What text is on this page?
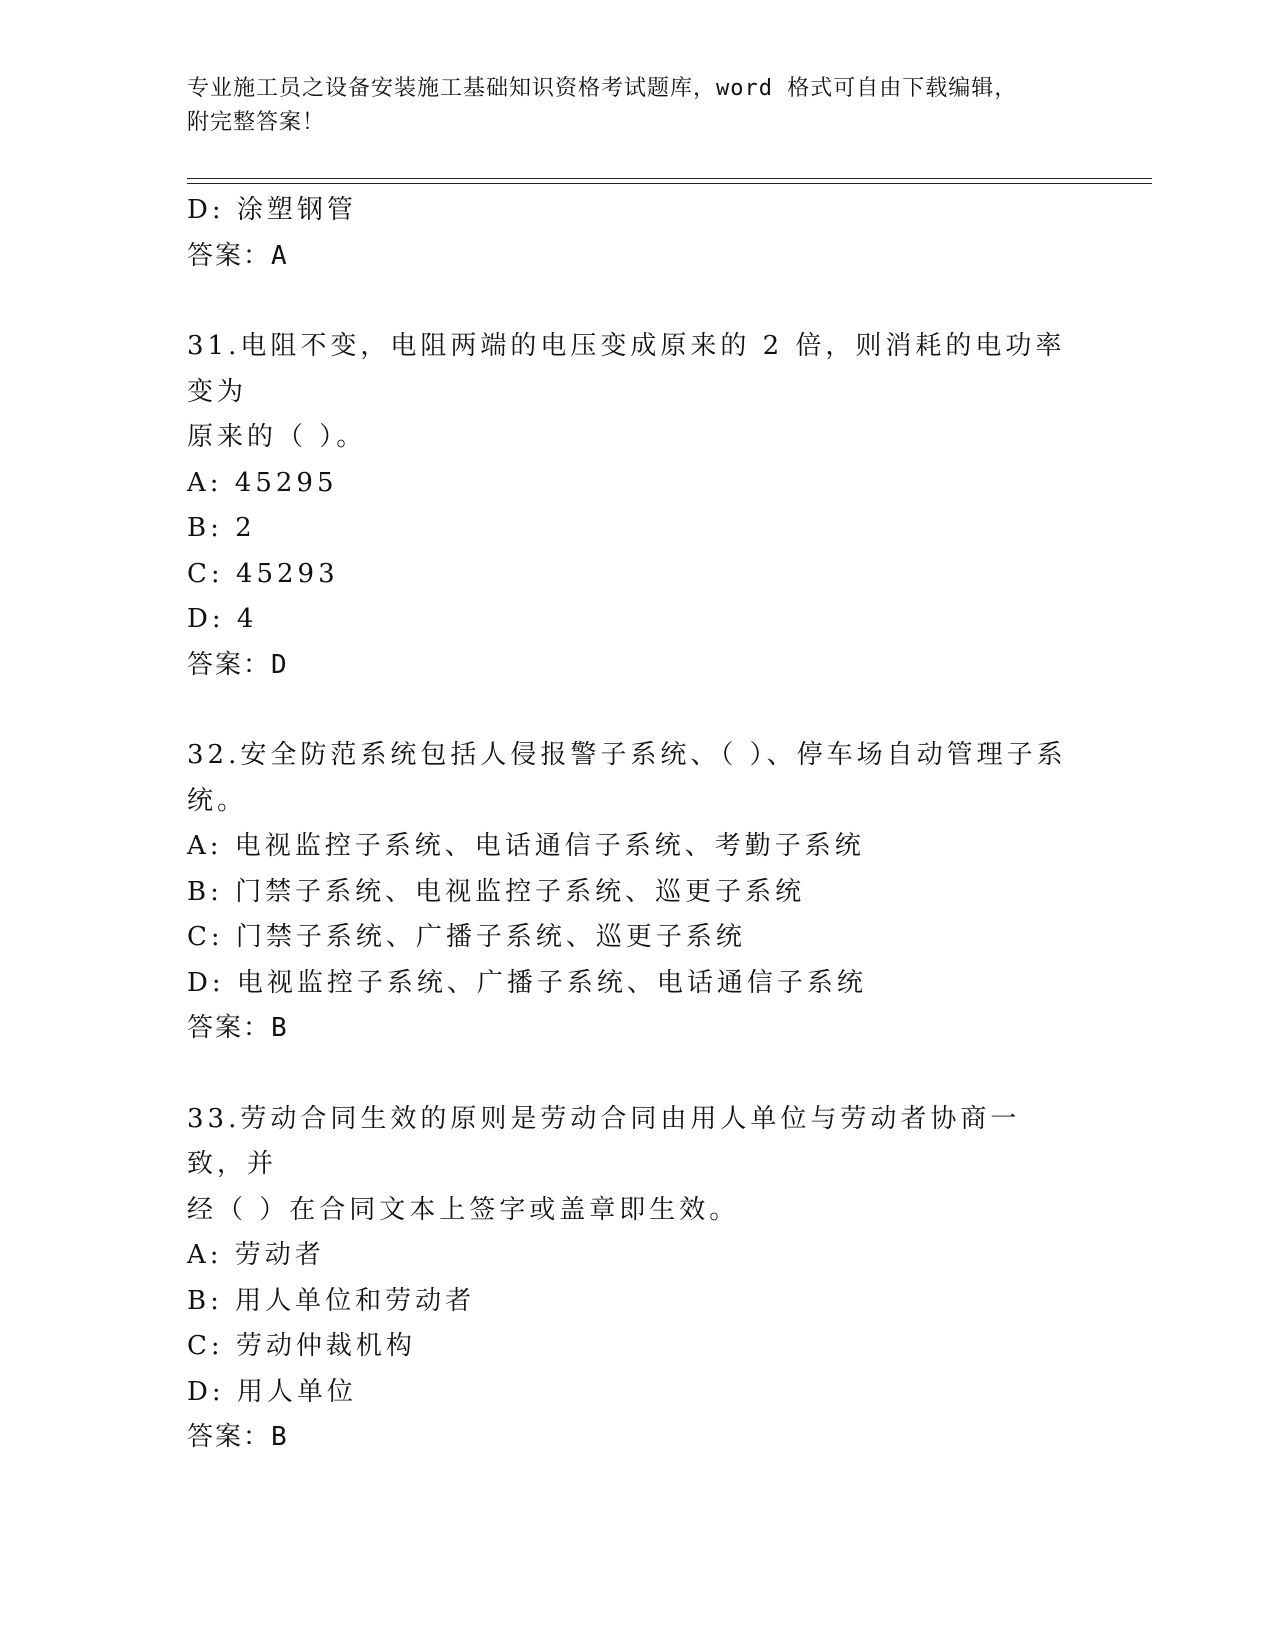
专业施工员之设备安装施工基础知识资格考试题库，word 格式可自由下载编辑，
附完整答案！
D: 涂塑钢管
答案：A
31.电阻不变，电阻两端的电压变成原来的 2 倍，则消耗的电功率变为
原来的（ ）。
A: 45295
B: 2
C: 45293
D: 4
答案：D
32.安全防范系统包括人侵报警子系统、（ ）、停车场自动管理子系
统。
A: 电视监控子系统、电话通信子系统、考勤子系统
B: 门禁子系统、电视监控子系统、巡更子系统
C: 门禁子系统、广播子系统、巡更子系统
D: 电视监控子系统、广播子系统、电话通信子系统
答案：B
33.劳动合同生效的原则是劳动合同由用人单位与劳动者协商一致，并
经（ ）在合同文本上签字或盖章即生效。
A: 劳动者
B: 用人单位和劳动者
C: 劳动仲裁机构
D: 用人单位
答案：B
